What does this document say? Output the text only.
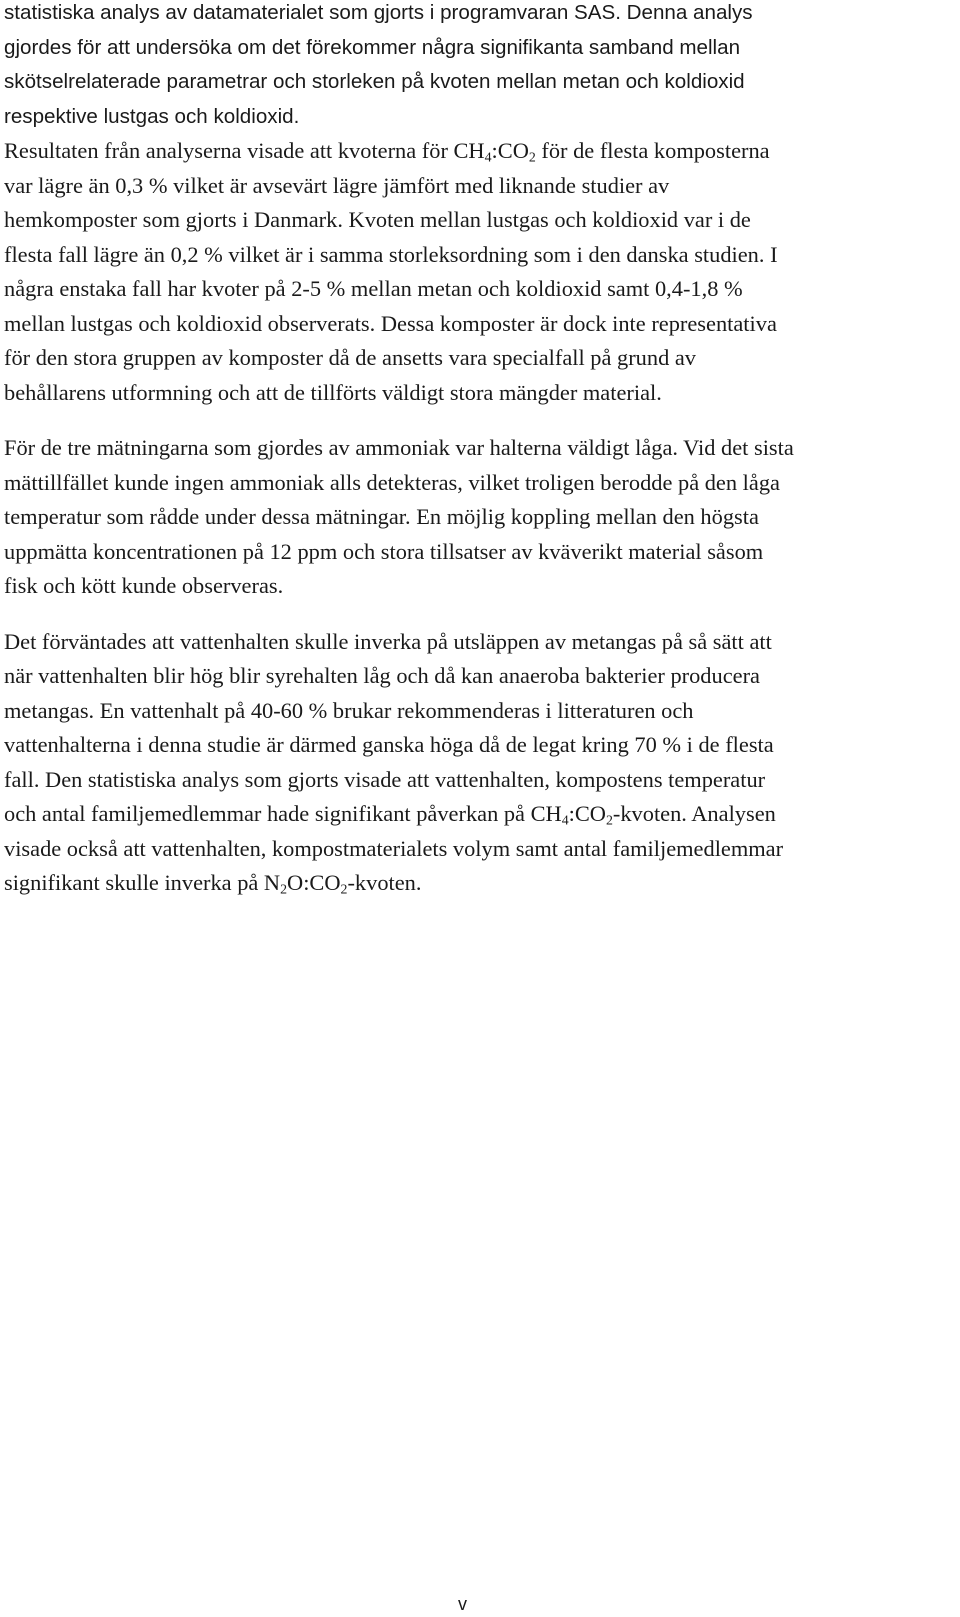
statistiska analys av datamaterialet som gjorts i programvaran SAS. Denna analys
gjordes för att undersöka om det förekommer några signifikanta samband mellan
skötselrelaterade parametrar och storleken på kvoten mellan metan och koldioxid
respektive lustgas och koldioxid.

Resultaten från analyserna visade att kvoterna för $CH_4:CO_2$ för de flesta komposterna
var lägre än 0,3 % vilket är avsevärt lägre jämfört med liknande studier av
hemkomposter som gjorts i Danmark. Kvoten mellan lustgas och koldioxid var i de
flesta fall lägre än 0,2 % vilket är i samma storleksordning som i den danska studien. I
några enstaka fall har kvoter på 2-5 % mellan metan och koldioxid samt 0,4-1,8 %
mellan lustgas och koldioxid observerats. Dessa komposter är dock inte representativa
för den stora gruppen av komposter då de ansetts vara specialfall på grund av
behållarens utformning och att de tillförts väldigt stora mängder material.

För de tre mätningarna som gjordes av ammoniak var halterna väldigt låga. Vid det sista
mättillfället kunde ingen ammoniak alls detekteras, vilket troligen berodde på den låga
temperatur som rådde under dessa mätningar. En möjlig koppling mellan den högsta
uppmätta koncentrationen på 12 ppm och stora tillsatser av kväverikt material såsom
fisk och kött kunde observeras.

Det förväntades att vattenhalten skulle inverka på utsläppen av metangas på så sätt att
när vattenhalten blir hög blir syrehalten låg och då kan anaeroba bakterier producera
metangas. En vattenhalt på 40-60 % brukar rekommenderas i litteraturen och
vattenhalterna i denna studie är därmed ganska höga då de legat kring 70 % i de flesta
fall. Den statistiska analys som gjorts visade att vattenhalten, kompostens temperatur
och antal familjemedlemmar hade signifikant påverkan på $CH_4:CO_2$-kvoten. Analysen
visade också att vattenhalten, kompostmaterialets volym samt antal familjemedlemmar
signifikant skulle inverka på $N_2O:CO_2$-kvoten.

v
